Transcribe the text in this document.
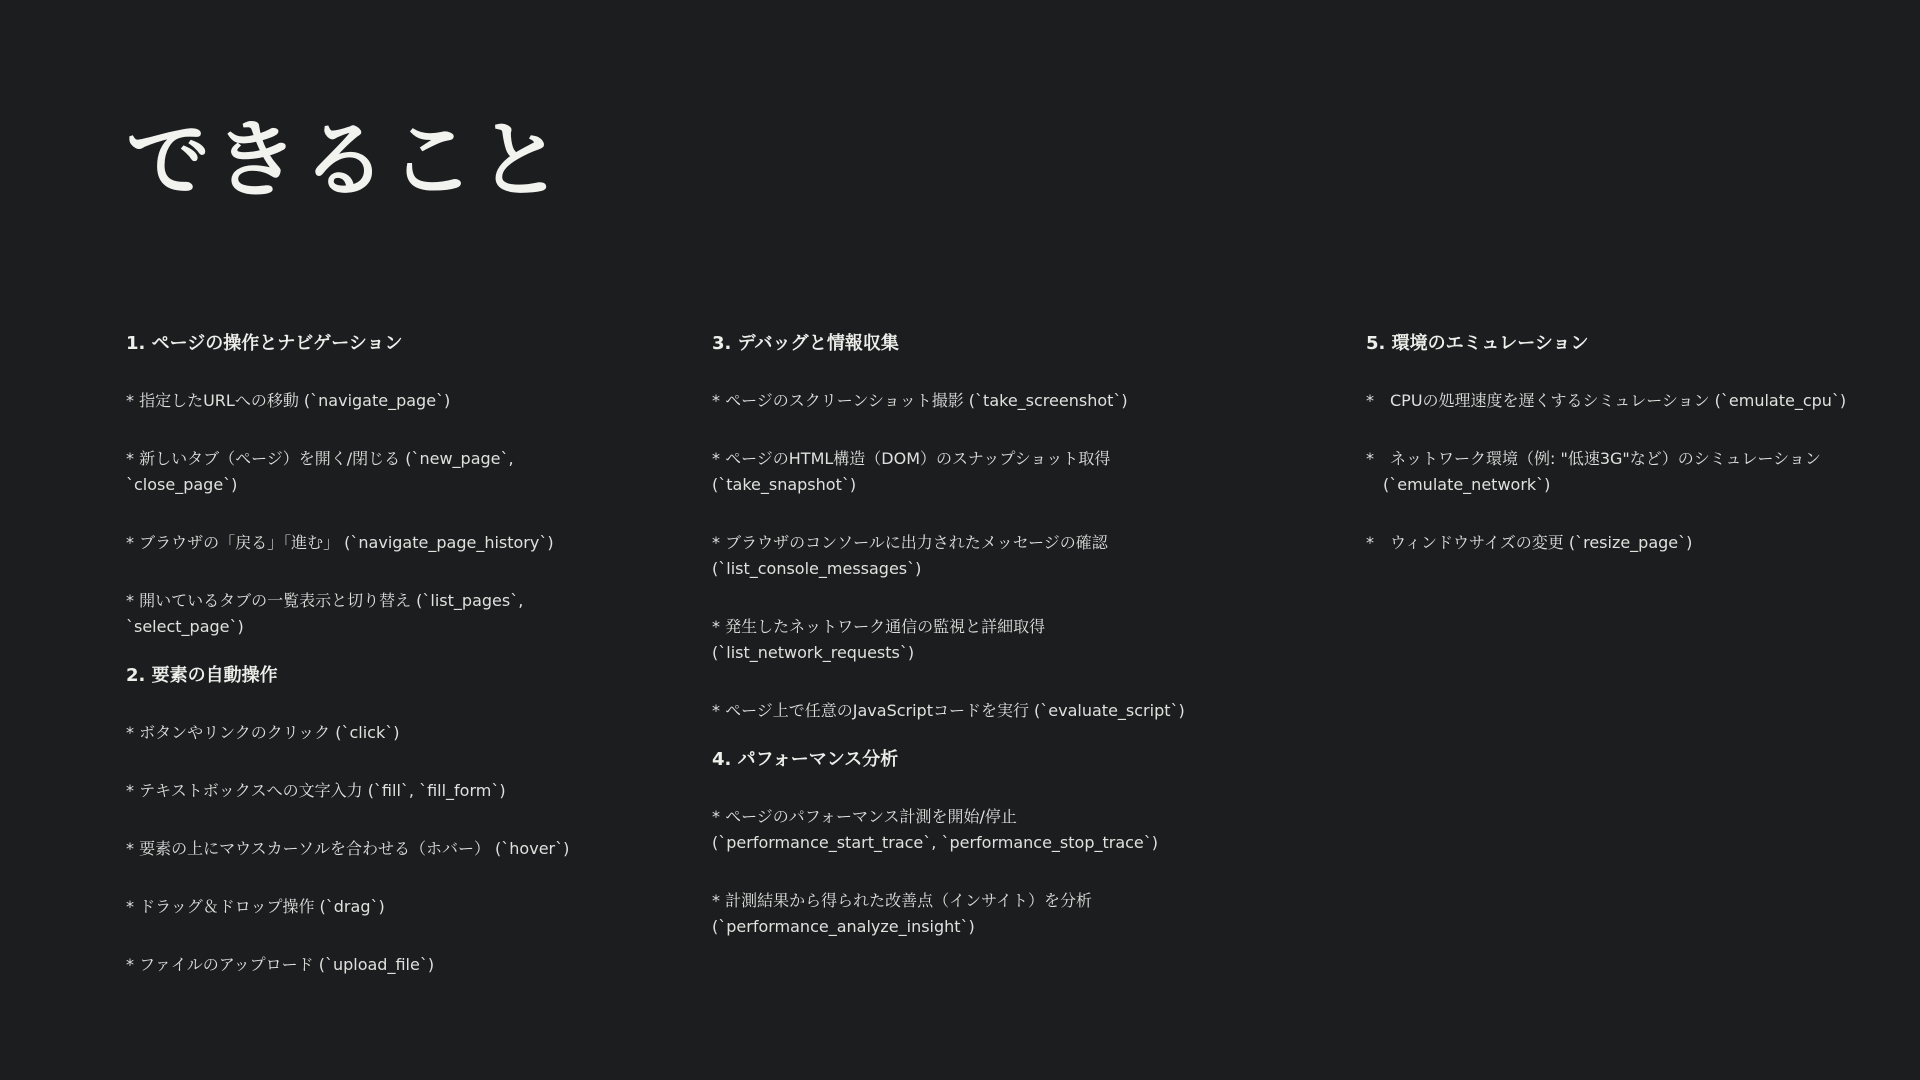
できること
1. ページの操作とナビゲーション
* 指定したURLへの移動 (`navigate_page`)
* 新しいタブ（ページ）を開く/閉じる (`new_page`, `close_page`)
* ブラウザの「戻る」「進む」 (`navigate_page_history`)
* 開いているタブの一覧表示と切り替え (`list_pages`, `select_page`)
2. 要素の自動操作
* ボタンやリンクのクリック (`click`)
* テキストボックスへの文字入力 (`fill`, `fill_form`)
* 要素の上にマウスカーソルを合わせる（ホバー） (`hover`)
* ドラッグ＆ドロップ操作 (`drag`)
* ファイルのアップロード (`upload_file`)
3. デバッグと情報収集
* ページのスクリーンショット撮影 (`take_screenshot`)
* ページのHTML構造（DOM）のスナップショット取得 (`take_snapshot`)
* ブラウザのコンソールに出力されたメッセージの確認 (`list_console_messages`)
* 発生したネットワーク通信の監視と詳細取得 (`list_network_requests`)
* ページ上で任意のJavaScriptコードを実行 (`evaluate_script`)
4. パフォーマンス分析
* ページのパフォーマンス計測を開始/停止 (`performance_start_trace`, `performance_stop_trace`)
* 計測結果から得られた改善点（インサイト）を分析 (`performance_analyze_insight`)
5. 環境のエミュレーション
*　CPUの処理速度を遅くするシミュレーション (`emulate_cpu`)
*　ネットワーク環境（例: "低速3G"など）のシミュレーション (`emulate_network`)
*　ウィンドウサイズの変更 (`resize_page`)
